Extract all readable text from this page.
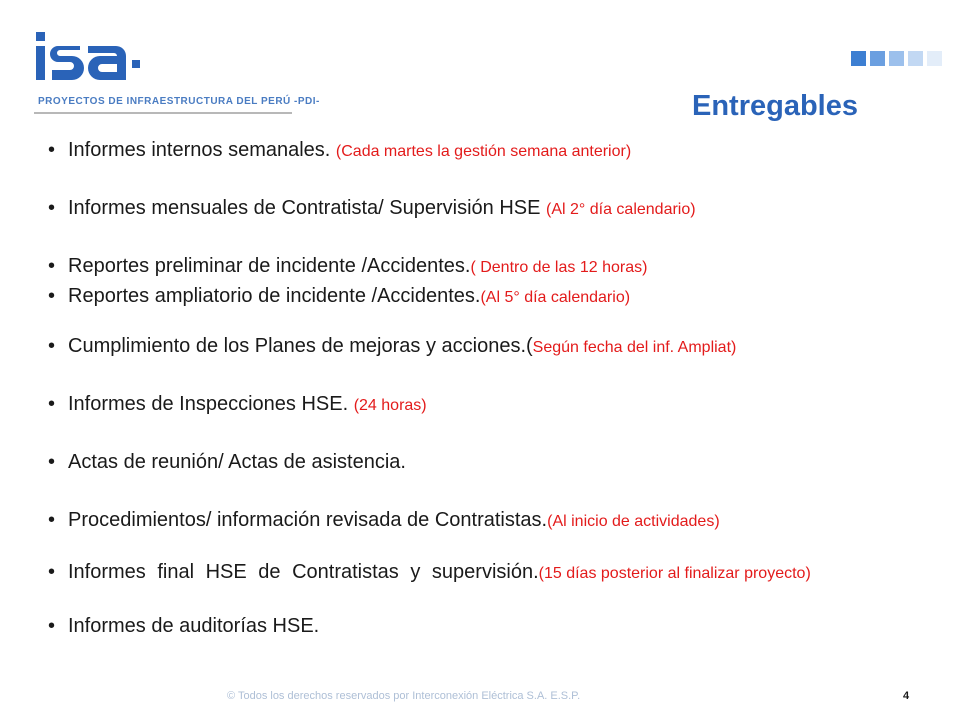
PROYECTOS DE INFRAESTRUCTURA DEL PERÚ -PDI-	Entregables
• Informes internos semanales. (Cada martes la gestión semana anterior)
• Informes mensuales de Contratista/ Supervisión HSE (Al 2° día calendario)
• Reportes preliminar de incidente /Accidentes.( Dentro de las 12 horas)
• Reportes ampliatorio de incidente /Accidentes.(Al 5° día calendario)
• Cumplimiento de los Planes de mejoras y acciones.(Según fecha del inf. Ampliat)
• Informes de Inspecciones HSE. (24 horas)
• Actas de reunión/ Actas de asistencia.
• Procedimientos/ información revisada de Contratistas.(Al inicio de actividades)
• Informes final HSE de Contratistas y supervisión.(15 días posterior al finalizar proyecto)
• Informes de auditorías HSE.
© Todos los derechos reservados por Interconexión Eléctrica S.A. E.S.P.	4
